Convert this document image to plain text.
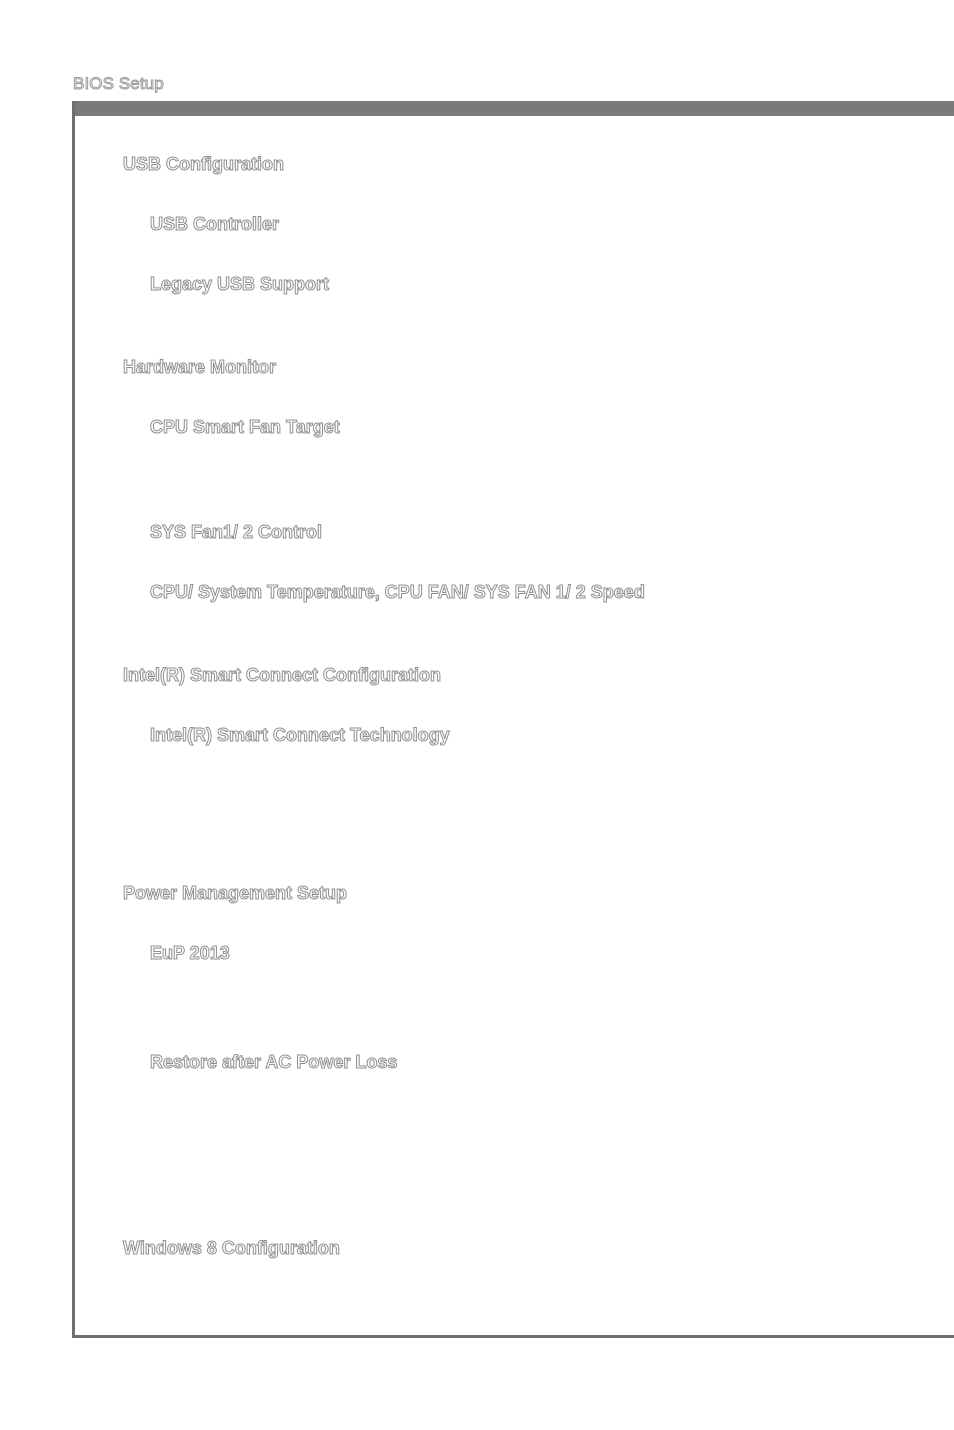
BIOS Setup
USB Configuration
USB Controller
Legacy USB Support
Hardware Monitor
CPU Smart Fan Target
SYS Fan1/ 2 Control
CPU/ System Temperature, CPU FAN/ SYS FAN 1/ 2 Speed
Intel(R) Smart Connect Configuration
Intel(R) Smart Connect Technology
Power Management Setup
EuP 2013
Restore after AC Power Loss
Windows 8 Configuration
